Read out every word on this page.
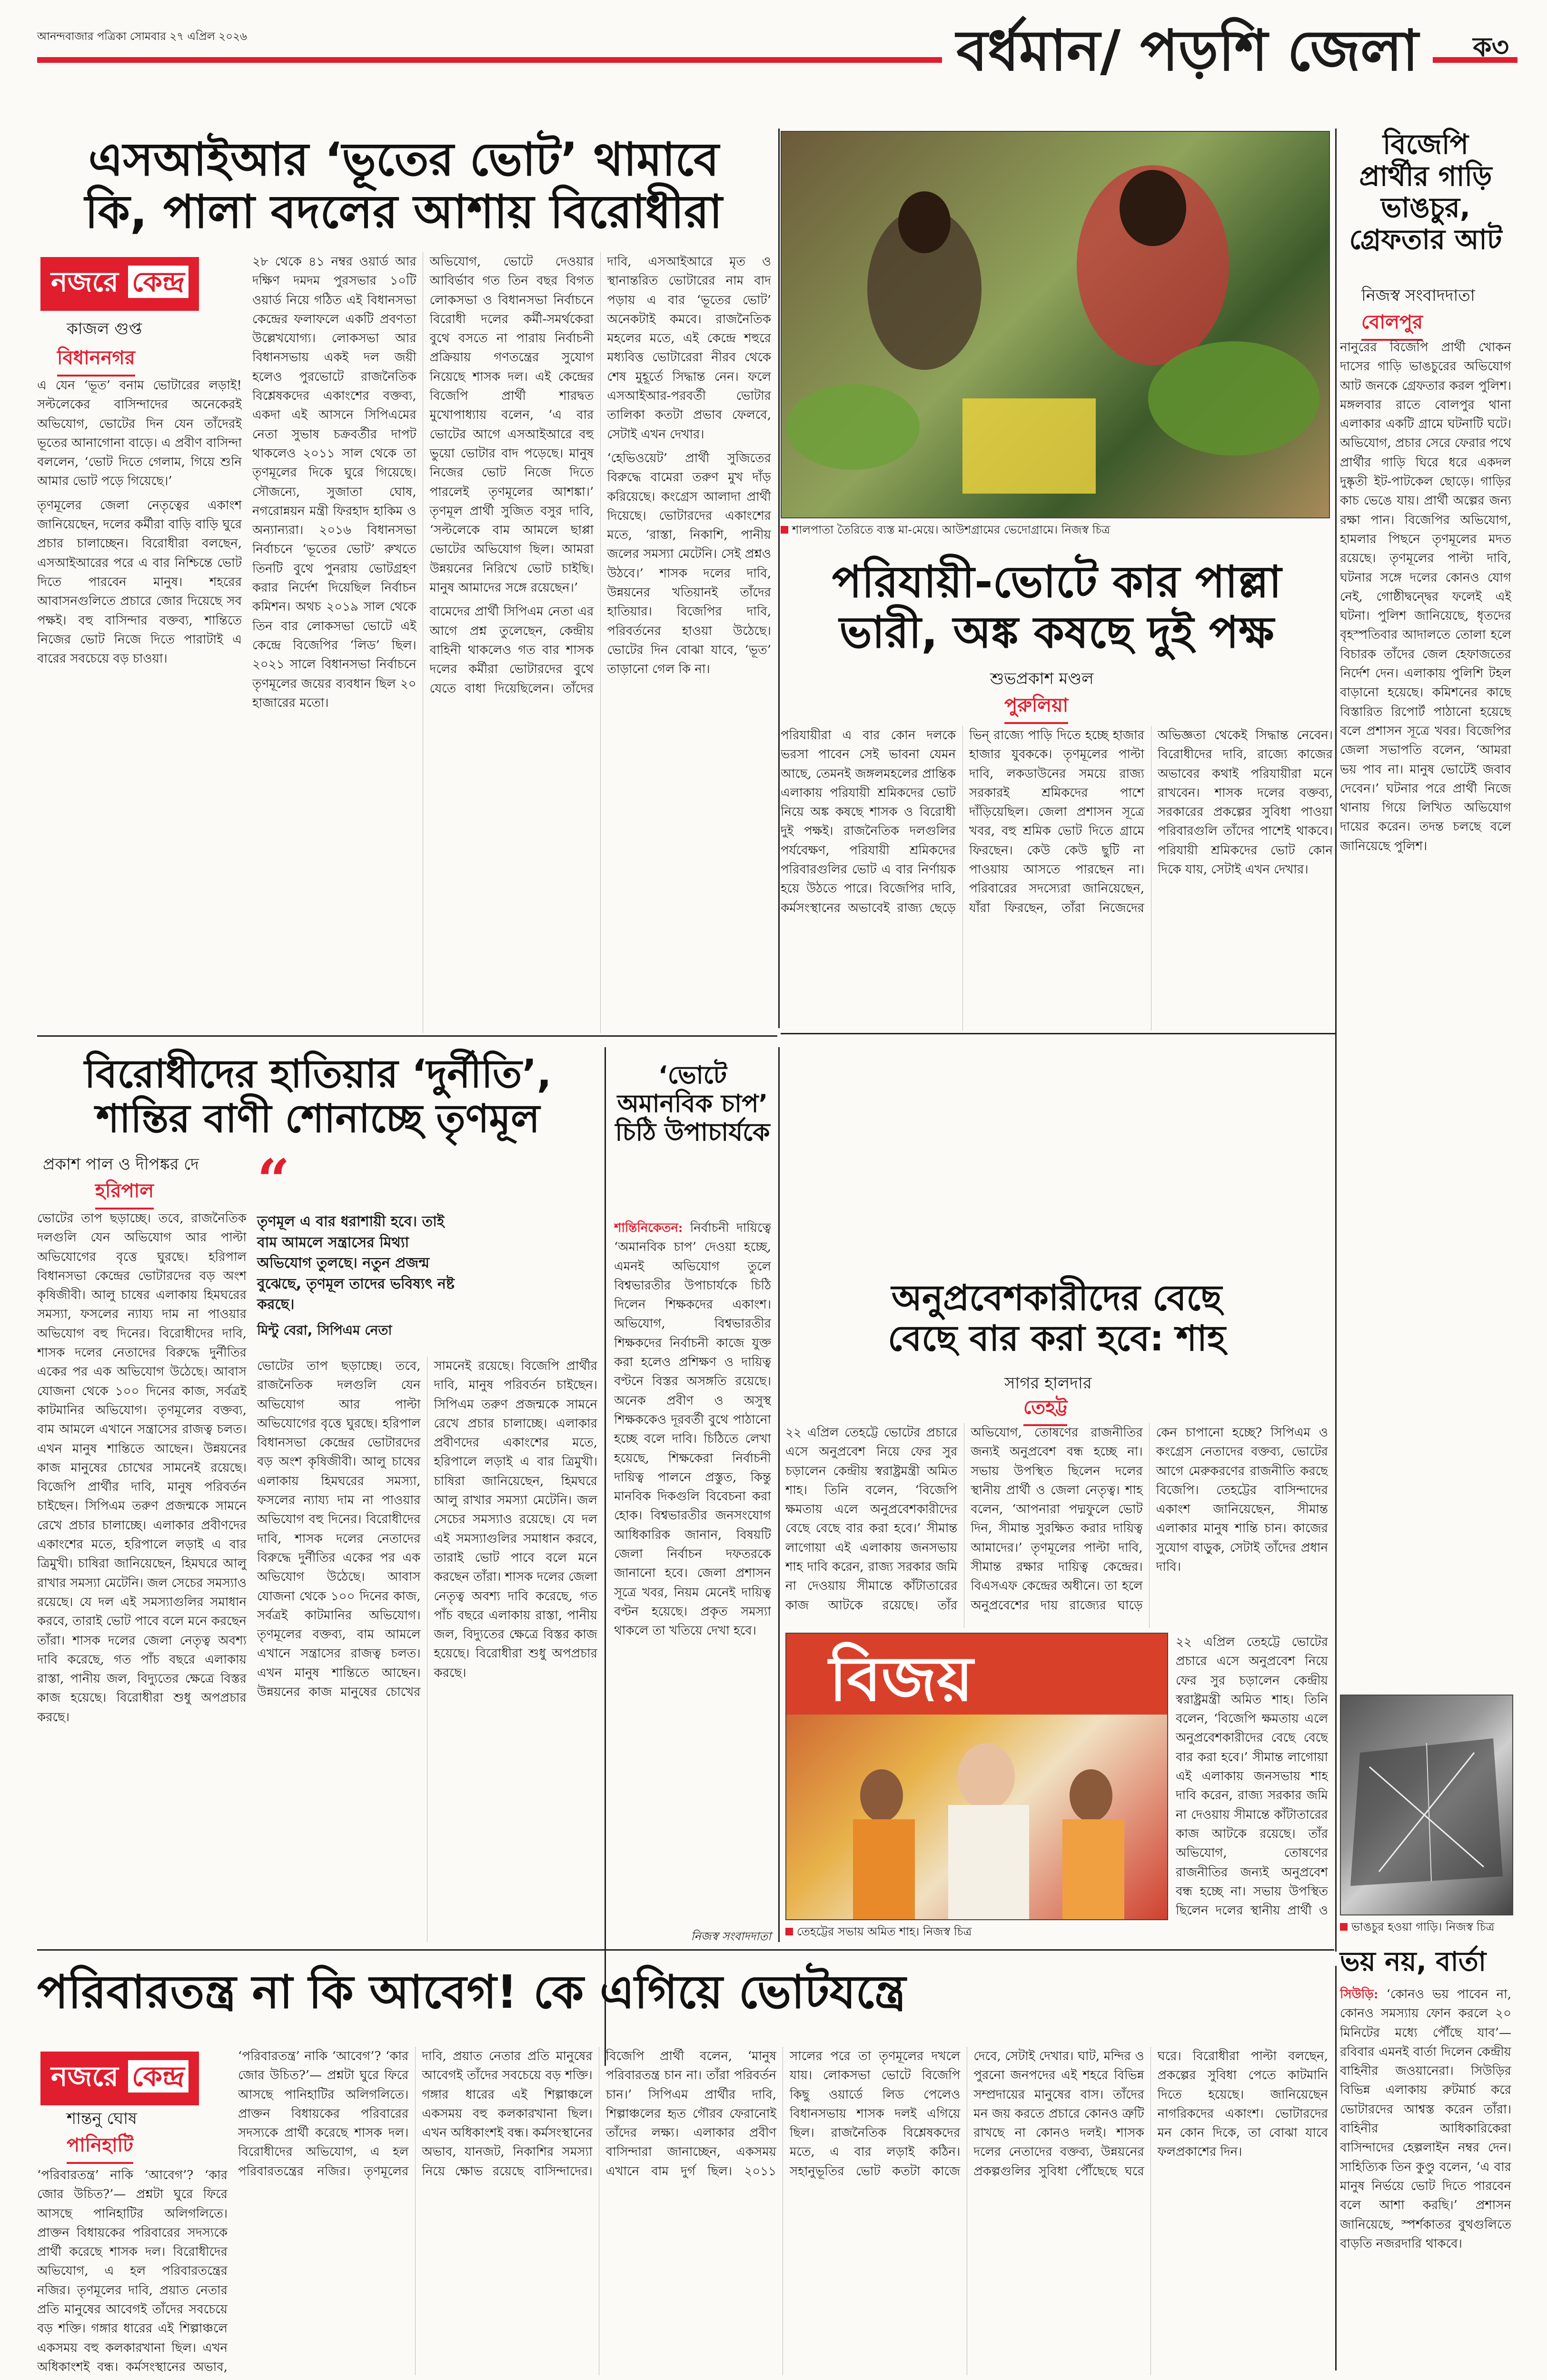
আনন্দবাজার পত্রিকা সোমবার ২৭ এপ্রিল ২০২৬	বর্ধমান/ পড়শি জেলা	ক৩
এসআইআর ‘ভূতের ভোট’ থামাবে
কি, পালা বদলের আশায় বিরোধীরা
নজরে কেন্দ্র
কাজল গুপ্ত
বিধাননগর

এ যেন ‘ভূত’ বনাম ভোটারের লড়াই! সল্টলেকের বাসিন্দাদের অনেকেরই অভিযোগ, ভোটের দিন যেন তাঁদেরই ভূতের আনাগোনা বাড়ে। এ প্রবীণ বাসিন্দা বললেন, ‘ভোট দিতে গেলাম, গিয়ে শুনি আমার ভোট পড়ে গিয়েছে।’

তৃণমূলের জেলা নেতৃত্বের একাংশ জানিয়েছেন, দলের কর্মীরা বাড়ি বাড়ি ঘুরে প্রচার চালাচ্ছেন। বিরোধীরা বলছেন, এসআইআরের পরে এ বার নিশ্চিন্তে ভোট দিতে পারবেন মানুষ। শহরের আবাসনগুলিতে প্রচারে জোর দিয়েছে সব পক্ষই। বহু বাসিন্দার বক্তব্য, শান্তিতে নিজের ভোট নিজে দিতে পারাটাই এ বারের সবচেয়ে বড় চাওয়া।

২৮ থেকে ৪১ নম্বর ওয়ার্ড আর দক্ষিণ দমদম পুরসভার ১০টি ওয়ার্ড নিয়ে গঠিত এই বিধানসভা কেন্দ্রের ফলাফলে একটি প্রবণতা উল্লেখযোগ্য। লোকসভা আর বিধানসভায় একই দল জয়ী হলেও পুরভোটে রাজনৈতিক বিশ্লেষকদের একাংশের বক্তব্য, একদা এই আসনে সিপিএমের নেতা সুভাষ চক্রবর্তীর দাপট থাকলেও ২০১১ সাল থেকে তা তৃণমূলের দিকে ঘুরে গিয়েছে। সৌজন্যে, সুজাতা ঘোষ, নগরোন্নয়ন মন্ত্রী ফিরহাদ হাকিম ও অন্যান্যরা। ২০১৬ বিধানসভা নির্বাচনে ‘ভূতের ভোট’ রুখতে তিনটি বুথে পুনরায় ভোটগ্রহণ করার নির্দেশ দিয়েছিল নির্বাচন কমিশন। অথচ ২০১৯ সাল থেকে তিন বার লোকসভা ভোটে এই কেন্দ্রে বিজেপির ‘লিড’ ছিল। ২০২১ সালে বিধানসভা নির্বাচনে তৃণমূলের জয়ের ব্যবধান ছিল ২০ হাজারের মতো।

অভিযোগ, ভোটে দেওয়ার আবির্ভাব গত তিন বছর বিগত লোকসভা ও বিধানসভা নির্বাচনে বিরোধী দলের কর্মী-সমর্থকেরা বুথে বসতে না পারায় নির্বাচনী প্রক্রিয়ায় গণতন্ত্রের সুযোগ নিয়েছে শাসক দল। এই কেন্দ্রের বিজেপি প্রার্থী শারদ্বত মুখোপাধ্যায় বলেন, ‘এ বার ভোটের আগে এসআইআরে বহু ভুয়ো ভোটার বাদ পড়েছে। মানুষ নিজের ভোট নিজে দিতে পারলেই তৃণমূলের আশঙ্কা।’ তৃণমূল প্রার্থী সুজিত বসুর দাবি, ‘সল্টলেকে বাম আমলে ছাপ্পা ভোটের অভিযোগ ছিল। আমরা উন্নয়নের নিরিখে ভোট চাইছি। মানুষ আমাদের সঙ্গে রয়েছেন।’

বামেদের প্রার্থী সিপিএম নেতা এর আগে প্রশ্ন তুলেছেন, কেন্দ্রীয় বাহিনী থাকলেও গত বার শাসক দলের কর্মীরা ভোটারদের বুথে যেতে বাধা দিয়েছিলেন। তাঁদের দাবি, এসআইআরে মৃত ও স্থানান্তরিত ভোটারের নাম বাদ পড়ায় এ বার ‘ভূতের ভোট’ অনেকটাই কমবে। রাজনৈতিক মহলের মতে, এই কেন্দ্রে শহুরে মধ্যবিত্ত ভোটারেরা নীরব থেকে শেষ মুহূর্তে সিদ্ধান্ত নেন। ফলে এসআইআর-পরবর্তী ভোটার তালিকা কতটা প্রভাব ফেলবে, সেটাই এখন দেখার।

‘হেভিওয়েট’ প্রার্থী সুজিতের বিরুদ্ধে বামেরা তরুণ মুখ দাঁড় করিয়েছে। কংগ্রেস আলাদা প্রার্থী দিয়েছে। ভোটারদের একাংশের মতে, ‘রাস্তা, নিকাশি, পানীয় জলের সমস্যা মেটেনি। সেই প্রশ্নও উঠবে।’ শাসক দলের দাবি, উন্নয়নের খতিয়ানই তাঁদের হাতিয়ার। বিজেপির দাবি, পরিবর্তনের হাওয়া উঠেছে। ভোটের দিন বোঝা যাবে, ‘ভূত’ তাড়ানো গেল কি না।

শালপাতা তৈরিতে ব্যস্ত মা-মেয়ে। আউশগ্রামের ভেদোগ্রামে। নিজস্ব চিত্র
পরিযায়ী-ভোটে কার পাল্লা
ভারী, অঙ্ক কষছে দুই পক্ষ
শুভপ্রকাশ মণ্ডল
পুরুলিয়া

পরিযায়ীরা এ বার কোন দলকে ভরসা পাবেন সেই ভাবনা যেমন আছে, তেমনই জঙ্গলমহলের প্রান্তিক এলাকায় পরিযায়ী শ্রমিকদের ভোট নিয়ে অঙ্ক কষছে শাসক ও বিরোধী দুই পক্ষই। রাজনৈতিক দলগুলির পর্যবেক্ষণ, পরিযায়ী শ্রমিকদের পরিবারগুলির ভোট এ বার নির্ণায়ক হয়ে উঠতে পারে। বিজেপির দাবি, কর্মসংস্থানের অভাবেই রাজ্য ছেড়ে ভিন্ রাজ্যে পাড়ি দিতে হচ্ছে হাজার হাজার যুবককে। তৃণমূলের পাল্টা দাবি, লকডাউনের সময়ে রাজ্য সরকারই শ্রমিকদের পাশে দাঁড়িয়েছিল। জেলা প্রশাসন সূত্রে খবর, বহু শ্রমিক ভোট দিতে গ্রামে ফিরছেন। কেউ কেউ ছুটি না পাওয়ায় আসতে পারছেন না। পরিবারের সদস্যেরা জানিয়েছেন, যাঁরা ফিরছেন, তাঁরা নিজেদের অভিজ্ঞতা থেকেই সিদ্ধান্ত নেবেন। বিরোধীদের দাবি, রাজ্যে কাজের অভাবের কথাই পরিযায়ীরা মনে রাখবেন। শাসক দলের বক্তব্য, সরকারের প্রকল্পের সুবিধা পাওয়া পরিবারগুলি তাঁদের পাশেই থাকবে। পরিযায়ী শ্রমিকদের ভোট কোন দিকে যায়, সেটাই এখন দেখার।

বিজেপি
প্রার্থীর গাড়ি
ভাঙচুর,
গ্রেফতার আট
নিজস্ব সংবাদদাতা
বোলপুর

নানুরের বিজেপি প্রার্থী খোকন দাসের গাড়ি ভাঙচুরের অভিযোগ আট জনকে গ্রেফতার করল পুলিশ। মঙ্গলবার রাতে বোলপুর থানা এলাকার একটি গ্রামে ঘটনাটি ঘটে। অভিযোগ, প্রচার সেরে ফেরার পথে প্রার্থীর গাড়ি ঘিরে ধরে একদল দুষ্কৃতী ইট-পাটকেল ছোড়ে। গাড়ির কাচ ভেঙে যায়। প্রার্থী অল্পের জন্য রক্ষা পান। বিজেপির অভিযোগ, হামলার পিছনে তৃণমূলের মদত রয়েছে। তৃণমূলের পাল্টা দাবি, ঘটনার সঙ্গে দলের কোনও যোগ নেই, গোষ্ঠীদ্বন্দ্বের ফলেই এই ঘটনা। পুলিশ জানিয়েছে, ধৃতদের বৃহস্পতিবার আদালতে তোলা হলে বিচারক তাঁদের জেল হেফাজতের নির্দেশ দেন। এলাকায় পুলিশি টহল বাড়ানো হয়েছে। কমিশনের কাছে বিস্তারিত রিপোর্ট পাঠানো হয়েছে বলে প্রশাসন সূত্রে খবর। বিজেপির জেলা সভাপতি বলেন, ‘আমরা ভয় পাব না। মানুষ ভোটেই জবাব দেবেন।’ ঘটনার পরে প্রার্থী নিজে থানায় গিয়ে লিখিত অভিযোগ দায়ের করেন। তদন্ত চলছে বলে জানিয়েছে পুলিশ।

ভাঙচুর হওয়া গাড়ি। নিজস্ব চিত্র
বিরোধীদের হাতিয়ার ‘দুর্নীতি’,
শান্তির বাণী শোনাচ্ছে তৃণমূল
প্রকাশ পাল ও দীপঙ্কর দে
হরিপাল “
তৃণমূল এ বার ধরাশায়ী হবে। তাই বাম আমলে সন্ত্রাসের মিথ্যা অভিযোগ তুলছে। নতুন প্রজন্ম বুঝেছে, তৃণমূল তাদের ভবিষ্যৎ নষ্ট করছে।
মিন্টু বেরা, সিপিএম নেতা

ভোটের তাপ ছড়াচ্ছে। তবে, রাজনৈতিক দলগুলি যেন অভিযোগ আর পাল্টা অভিযোগের বৃত্তে ঘুরছে। হরিপাল বিধানসভা কেন্দ্রের ভোটারদের বড় অংশ কৃষিজীবী। আলু চাষের এলাকায় হিমঘরের সমস্যা, ফসলের ন্যায্য দাম না পাওয়ার অভিযোগ বহু দিনের। বিরোধীদের দাবি, শাসক দলের নেতাদের বিরুদ্ধে দুর্নীতির একের পর এক অভিযোগ উঠেছে। আবাস যোজনা থেকে ১০০ দিনের কাজ, সর্বত্রই কাটমানির অভিযোগ। তৃণমূলের বক্তব্য, বাম আমলে এখানে সন্ত্রাসের রাজত্ব চলত। এখন মানুষ শান্তিতে আছেন। উন্নয়নের কাজ মানুষের চোখের সামনেই রয়েছে। বিজেপি প্রার্থীর দাবি, মানুষ পরিবর্তন চাইছেন। সিপিএম তরুণ প্রজন্মকে সামনে রেখে প্রচার চালাচ্ছে। এলাকার প্রবীণদের একাংশের মতে, হরিপালে লড়াই এ বার ত্রিমুখী। চাষিরা জানিয়েছেন, হিমঘরে আলু রাখার সমস্যা মেটেনি। জল সেচের সমস্যাও রয়েছে। যে দল এই সমস্যাগুলির সমাধান করবে, তারাই ভোট পাবে বলে মনে করছেন তাঁরা। শাসক দলের জেলা নেতৃত্ব অবশ্য দাবি করেছে, গত পাঁচ বছরে এলাকায় রাস্তা, পানীয় জল, বিদ্যুতের ক্ষেত্রে বিস্তর কাজ হয়েছে। বিরোধীরা শুধু অপপ্রচার করছে।

ভোটের তাপ ছড়াচ্ছে। তবে, রাজনৈতিক দলগুলি যেন অভিযোগ আর পাল্টা অভিযোগের বৃত্তে ঘুরছে। হরিপাল বিধানসভা কেন্দ্রের ভোটারদের বড় অংশ কৃষিজীবী। আলু চাষের এলাকায় হিমঘরের সমস্যা, ফসলের ন্যায্য দাম না পাওয়ার অভিযোগ বহু দিনের। বিরোধীদের দাবি, শাসক দলের নেতাদের বিরুদ্ধে দুর্নীতির একের পর এক অভিযোগ উঠেছে। আবাস যোজনা থেকে ১০০ দিনের কাজ, সর্বত্রই কাটমানির অভিযোগ। তৃণমূলের বক্তব্য, বাম আমলে এখানে সন্ত্রাসের রাজত্ব চলত। এখন মানুষ শান্তিতে আছেন। উন্নয়নের কাজ মানুষের চোখের সামনেই রয়েছে। বিজেপি প্রার্থীর দাবি, মানুষ পরিবর্তন চাইছেন। সিপিএম তরুণ প্রজন্মকে সামনে রেখে প্রচার চালাচ্ছে। এলাকার প্রবীণদের একাংশের মতে, হরিপালে লড়াই এ বার ত্রিমুখী। চাষিরা জানিয়েছেন, হিমঘরে আলু রাখার সমস্যা মেটেনি। জল সেচের সমস্যাও রয়েছে। যে দল এই সমস্যাগুলির সমাধান করবে, তারাই ভোট পাবে বলে মনে করছেন তাঁরা। শাসক দলের জেলা নেতৃত্ব অবশ্য দাবি করেছে, গত পাঁচ বছরে এলাকায় রাস্তা, পানীয় জল, বিদ্যুতের ক্ষেত্রে বিস্তর কাজ হয়েছে। বিরোধীরা শুধু অপপ্রচার করছে।

‘ভোটে অমানবিক চাপ’ চিঠি উপাচার্যকে

শান্তিনিকেতন: নির্বাচনী দায়িত্বে ‘অমানবিক চাপ’ দেওয়া হচ্ছে, এমনই অভিযোগ তুলে বিশ্বভারতীর উপাচার্যকে চিঠি দিলেন শিক্ষকদের একাংশ। অভিযোগ, বিশ্বভারতীর শিক্ষকদের নির্বাচনী কাজে যুক্ত করা হলেও প্রশিক্ষণ ও দায়িত্ব বণ্টনে বিস্তর অসঙ্গতি রয়েছে। অনেক প্রবীণ ও অসুস্থ শিক্ষককেও দূরবর্তী বুথে পাঠানো হচ্ছে বলে দাবি। চিঠিতে লেখা হয়েছে, শিক্ষকেরা নির্বাচনী দায়িত্ব পালনে প্রস্তুত, কিন্তু মানবিক দিকগুলি বিবেচনা করা হোক। বিশ্বভারতীর জনসংযোগ আধিকারিক জানান, বিষয়টি জেলা নির্বাচন দফতরকে জানানো হবে। জেলা প্রশাসন সূত্রে খবর, নিয়ম মেনেই দায়িত্ব বণ্টন হয়েছে। প্রকৃত সমস্যা থাকলে তা খতিয়ে দেখা হবে।

নিজস্ব সংবাদদাতা
অনুপ্রবেশকারীদের বেছে
বেছে বার করা হবে: শাহ
সাগর হালদার
তেহট্ট

২২ এপ্রিল তেহট্টে ভোটের প্রচারে এসে অনুপ্রবেশ নিয়ে ফের সুর চড়ালেন কেন্দ্রীয় স্বরাষ্ট্রমন্ত্রী অমিত শাহ। তিনি বলেন, ‘বিজেপি ক্ষমতায় এলে অনুপ্রবেশকারীদের বেছে বেছে বার করা হবে।’ সীমান্ত লাগোয়া এই এলাকায় জনসভায় শাহ দাবি করেন, রাজ্য সরকার জমি না দেওয়ায় সীমান্তে কাঁটাতারের কাজ আটকে রয়েছে। তাঁর অভিযোগ, তোষণের রাজনীতির জন্যই অনুপ্রবেশ বন্ধ হচ্ছে না। সভায় উপস্থিত ছিলেন দলের স্থানীয় প্রার্থী ও জেলা নেতৃত্ব। শাহ বলেন, ‘আপনারা পদ্মফুলে ভোট দিন, সীমান্ত সুরক্ষিত করার দায়িত্ব আমাদের।’ তৃণমূলের পাল্টা দাবি, সীমান্ত রক্ষার দায়িত্ব কেন্দ্রের। বিএসএফ কেন্দ্রের অধীনে। তা হলে অনুপ্রবেশের দায় রাজ্যের ঘাড়ে কেন চাপানো হচ্ছে? সিপিএম ও কংগ্রেস নেতাদের বক্তব্য, ভোটের আগে মেরুকরণের রাজনীতি করছে বিজেপি। তেহট্টের বাসিন্দাদের একাংশ জানিয়েছেন, সীমান্ত এলাকার মানুষ শান্তি চান। কাজের সুযোগ বাড়ুক, সেটাই তাঁদের প্রধান দাবি।

বিজয়
তেহট্টের সভায় অমিত শাহ। নিজস্ব চিত্র

২২ এপ্রিল তেহট্টে ভোটের প্রচারে এসে অনুপ্রবেশ নিয়ে ফের সুর চড়ালেন কেন্দ্রীয় স্বরাষ্ট্রমন্ত্রী অমিত শাহ। তিনি বলেন, ‘বিজেপি ক্ষমতায় এলে অনুপ্রবেশকারীদের বেছে বেছে বার করা হবে।’ সীমান্ত লাগোয়া এই এলাকায় জনসভায় শাহ দাবি করেন, রাজ্য সরকার জমি না দেওয়ায় সীমান্তে কাঁটাতারের কাজ আটকে রয়েছে। তাঁর অভিযোগ, তোষণের রাজনীতির জন্যই অনুপ্রবেশ বন্ধ হচ্ছে না। সভায় উপস্থিত ছিলেন দলের স্থানীয় প্রার্থী ও

পরিবারতন্ত্র না কি আবেগ! কে এগিয়ে ভোটযন্ত্রে
নজরে কেন্দ্র
শান্তনু ঘোষ
পানিহাটি

‘পরিবারতন্ত্র’ নাকি ‘আবেগ’? ‘কার জোর উচিত?’— প্রশ্নটা ঘুরে ফিরে আসছে পানিহাটির অলিগলিতে। প্রাক্তন বিধায়কের পরিবারের সদস্যকে প্রার্থী করেছে শাসক দল। বিরোধীদের অভিযোগ, এ হল পরিবারতন্ত্রের নজির। তৃণমূলের দাবি, প্রয়াত নেতার প্রতি মানুষের আবেগই তাঁদের সবচেয়ে বড় শক্তি। গঙ্গার ধারের এই শিল্পাঞ্চলে একসময় বহু কলকারখানা ছিল। এখন অধিকাংশই বন্ধ। কর্মসংস্থানের অভাব,

‘পরিবারতন্ত্র’ নাকি ‘আবেগ’? ‘কার জোর উচিত?’— প্রশ্নটা ঘুরে ফিরে আসছে পানিহাটির অলিগলিতে। প্রাক্তন বিধায়কের পরিবারের সদস্যকে প্রার্থী করেছে শাসক দল। বিরোধীদের অভিযোগ, এ হল পরিবারতন্ত্রের নজির। তৃণমূলের দাবি, প্রয়াত নেতার প্রতি মানুষের আবেগই তাঁদের সবচেয়ে বড় শক্তি। গঙ্গার ধারের এই শিল্পাঞ্চলে একসময় বহু কলকারখানা ছিল। এখন অধিকাংশই বন্ধ। কর্মসংস্থানের অভাব, যানজট, নিকাশির সমস্যা নিয়ে ক্ষোভ রয়েছে বাসিন্দাদের। বিজেপি প্রার্থী বলেন, ‘মানুষ পরিবারতন্ত্র চান না। তাঁরা পরিবর্তন চান।’ সিপিএম প্রার্থীর দাবি, শিল্পাঞ্চলের হৃত গৌরব ফেরানোই তাঁদের লক্ষ্য। এলাকার প্রবীণ বাসিন্দারা জানাচ্ছেন, একসময় এখানে বাম দুর্গ ছিল। ২০১১ সালের পরে তা তৃণমূলের দখলে যায়। লোকসভা ভোটে বিজেপি কিছু ওয়ার্ডে লিড পেলেও বিধানসভায় শাসক দলই এগিয়ে ছিল। রাজনৈতিক বিশ্লেষকদের মতে, এ বার লড়াই কঠিন। সহানুভূতির ভোট কতটা কাজে দেবে, সেটাই দেখার। ঘাট, মন্দির ও পুরনো জনপদের এই শহরে বিভিন্ন সম্প্রদায়ের মানুষের বাস। তাঁদের মন জয় করতে প্রচারে কোনও ত্রুটি রাখছে না কোনও দলই। শাসক দলের নেতাদের বক্তব্য, উন্নয়নের প্রকল্পগুলির সুবিধা পৌঁছেছে ঘরে ঘরে। বিরোধীরা পাল্টা বলছেন, প্রকল্পের সুবিধা পেতে কাটমানি দিতে হয়েছে। জানিয়েছেন নাগরিকদের একাংশ। ভোটারদের মন কোন দিকে, তা বোঝা যাবে ফলপ্রকাশের দিন।

ভয় নয়, বার্তা

সিউড়ি: ‘কোনও ভয় পাবেন না, কোনও সমস্যায় ফোন করলে ২০ মিনিটের মধ্যে পৌঁছে যাব’— রবিবার এমনই বার্তা দিলেন কেন্দ্রীয় বাহিনীর জওয়ানেরা। সিউড়ির বিভিন্ন এলাকায় রুটমার্চ করে ভোটারদের আশ্বস্ত করেন তাঁরা। বাহিনীর আধিকারিকেরা বাসিন্দাদের হেল্পলাইন নম্বর দেন। সাহিত্যিক তিন কুণ্ডু বলেন, ‘এ বার মানুষ নির্ভয়ে ভোট দিতে পারবেন বলে আশা করছি।’ প্রশাসন জানিয়েছে, স্পর্শকাতর বুথগুলিতে বাড়তি নজরদারি থাকবে।
